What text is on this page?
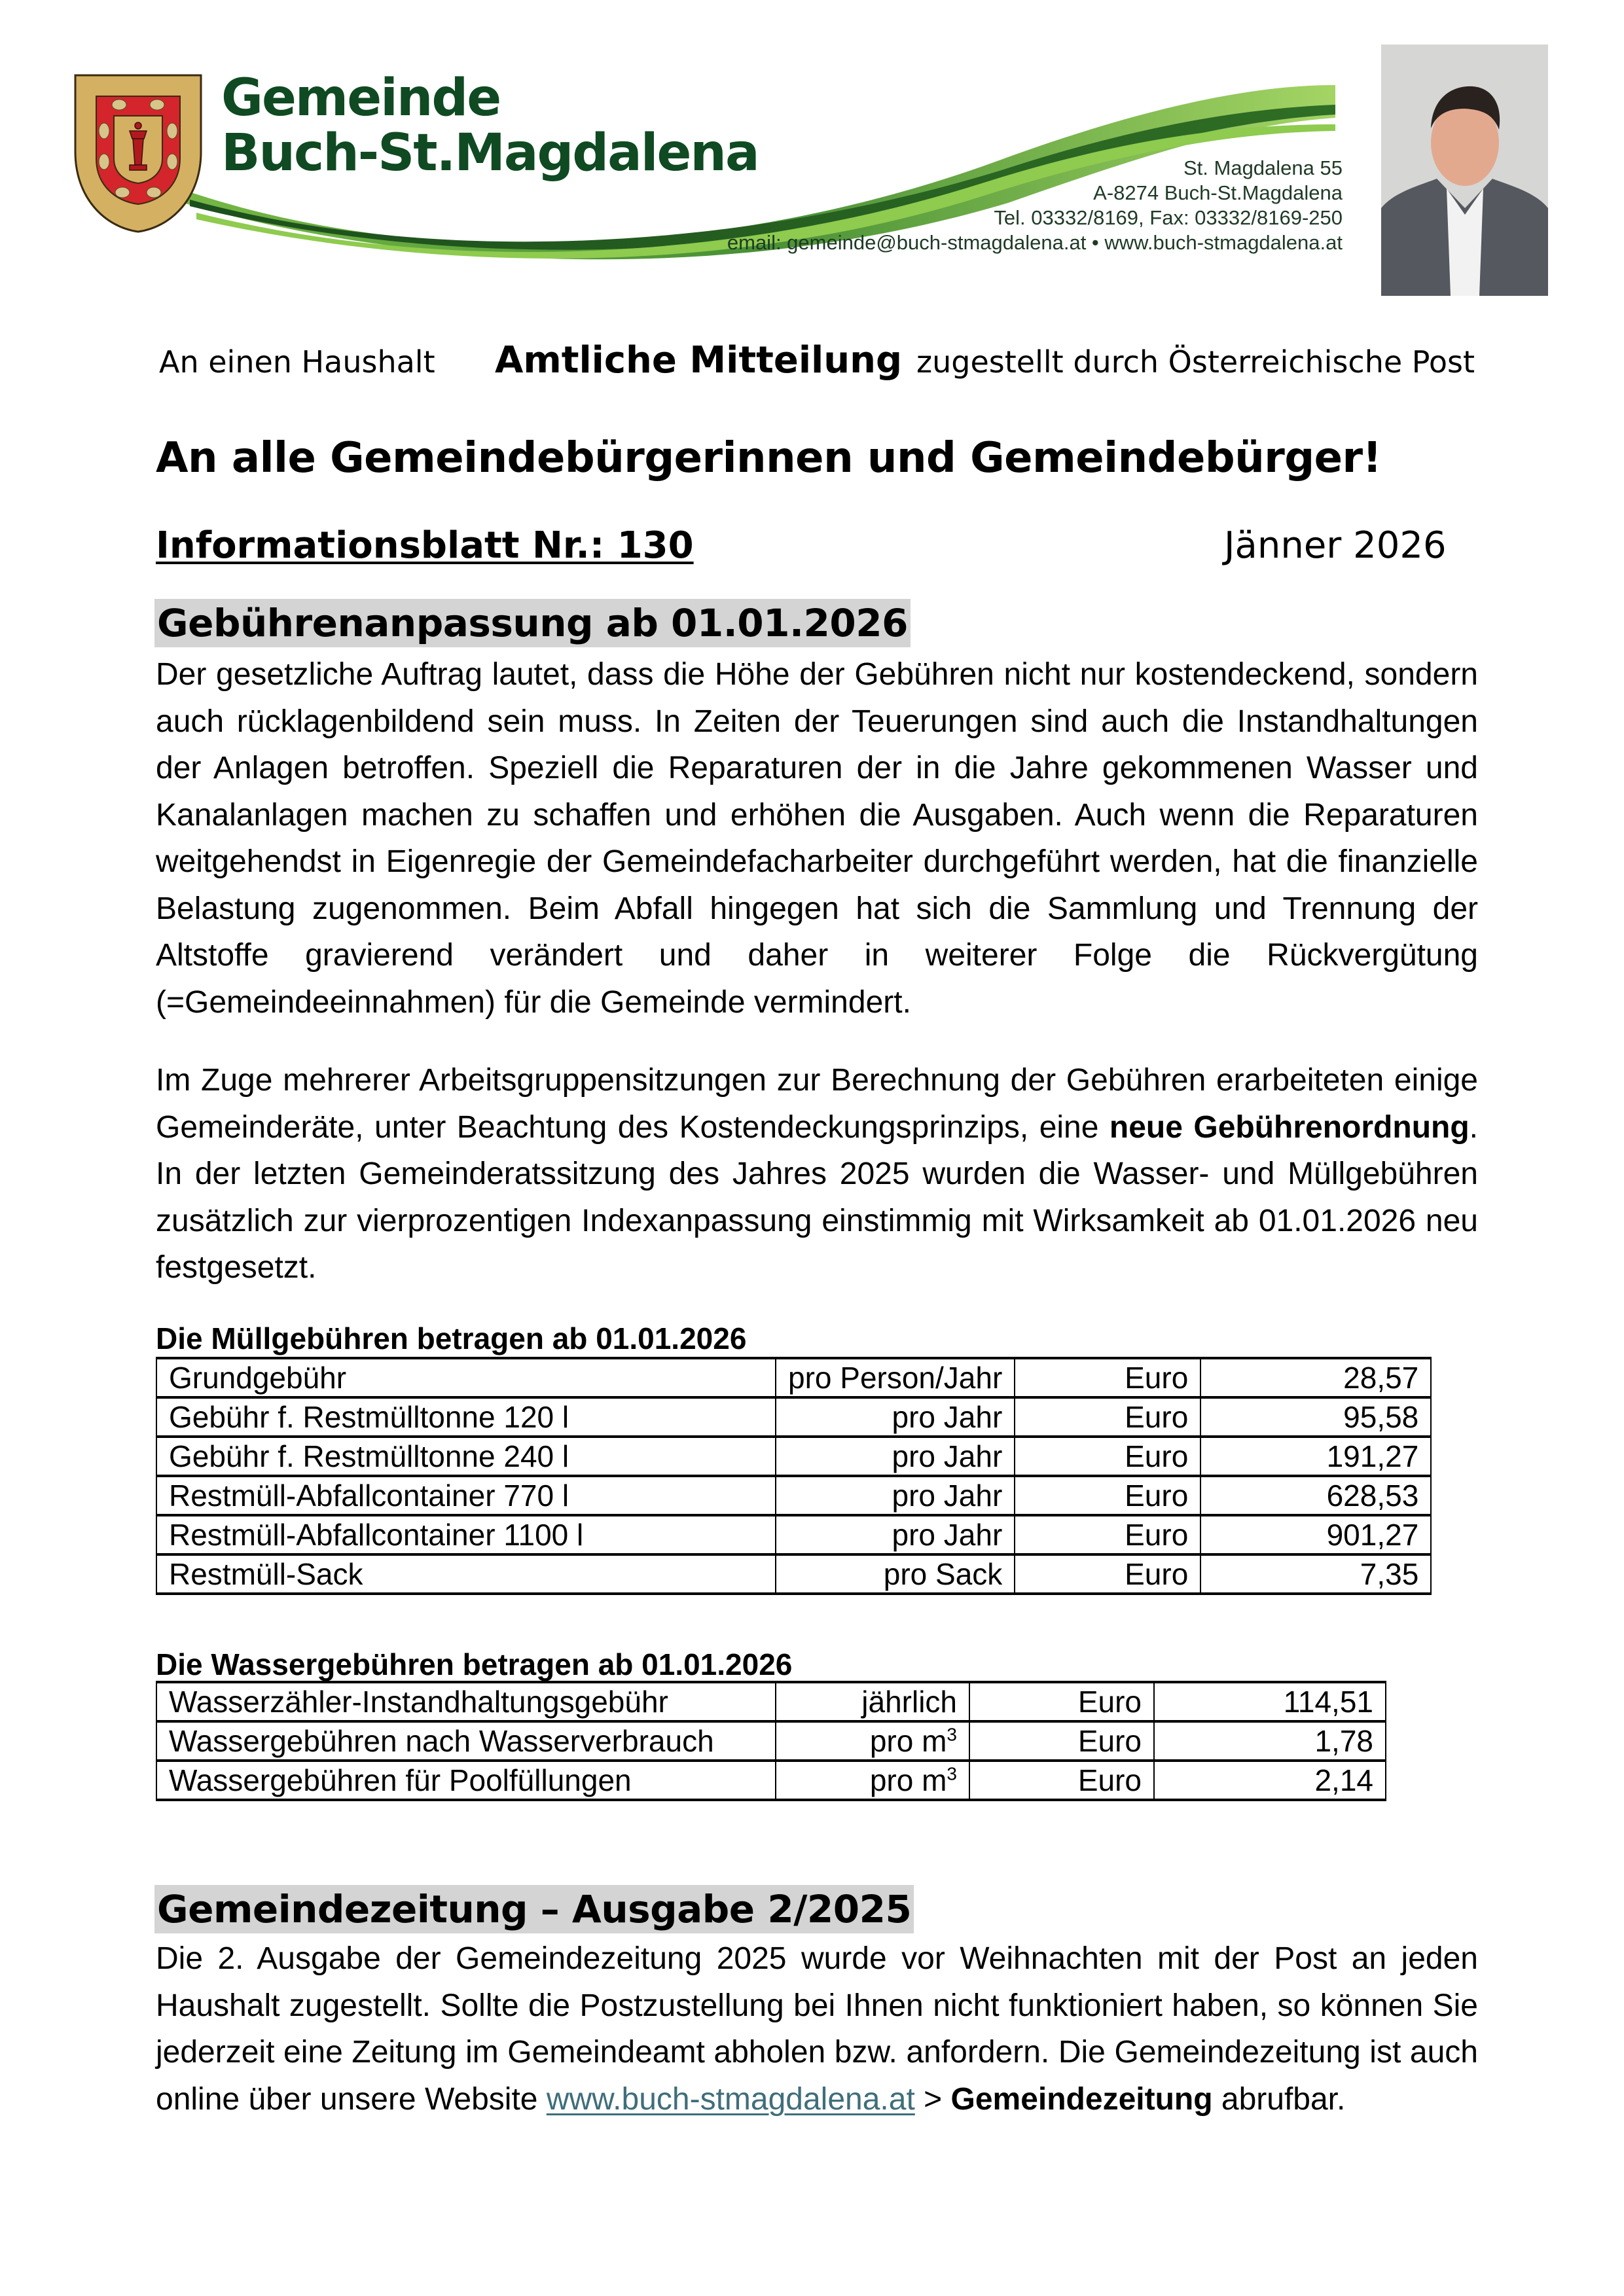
Gemeinde
Buch-St.Magdalena	St. Magdalena 55
A-8274 Buch-St.Magdalena
Tel. 03332/8169, Fax: 03332/8169-250
email: gemeinde@buch-stmagdalena.at • www.buch-stmagdalena.at
An einen Haushalt Amtliche Mitteilung zugestellt durch Österreichische Post
An alle Gemeindebürgerinnen und Gemeindebürger!
Informationsblatt Nr.: 130	Jänner 2026
Gebührenanpassung ab 01.01.2026
Der gesetzliche Auftrag lautet, dass die Höhe der Gebühren nicht nur kostendeckend, sondern auch rücklagenbildend sein muss. In Zeiten der Teuerungen sind auch die Instandhaltungen der Anlagen betroffen. Speziell die Reparaturen der in die Jahre gekommenen Wasser und Kanalanlagen machen zu schaffen und erhöhen die Ausgaben. Auch wenn die Reparaturen weitgehendst in Eigenregie der Gemeindefacharbeiter durchgeführt werden, hat die finanzielle Belastung zugenommen. Beim Abfall hingegen hat sich die Sammlung und Trennung der Altstoffe gravierend verändert und daher in weiterer Folge die Rückvergütung (=Gemeindeeinnahmen) für die Gemeinde vermindert.
Im Zuge mehrerer Arbeitsgruppensitzungen zur Berechnung der Gebühren erarbeiteten einige Gemeinderäte, unter Beachtung des Kostendeckungsprinzips, eine neue Gebührenordnung. In der letzten Gemeinderatssitzung des Jahres 2025 wurden die Wasser- und Müllgebühren zusätzlich zur vierprozentigen Indexanpassung einstimmig mit Wirksamkeit ab 01.01.2026 neu festgesetzt.
Die Müllgebühren betragen ab 01.01.2026
Grundgebühr	pro Person/Jahr	Euro	28,57
Gebühr f. Restmülltonne 120 l	pro Jahr	Euro	95,58
Gebühr f. Restmülltonne 240 l	pro Jahr	Euro	191,27
Restmüll-Abfallcontainer 770 l	pro Jahr	Euro	628,53
Restmüll-Abfallcontainer 1100 l	pro Jahr	Euro	901,27
Restmüll-Sack	pro Sack	Euro	7,35
Die Wassergebühren betragen ab 01.01.2026
Wasserzähler-Instandhaltungsgebühr	jährlich	Euro	114,51
Wassergebühren nach Wasserverbrauch	pro $m^3$	Euro	1,78
Wassergebühren für Poolfüllungen	pro $m^3$	Euro	2,14
Gemeindezeitung – Ausgabe 2/2025
Die 2. Ausgabe der Gemeindezeitung 2025 wurde vor Weihnachten mit der Post an jeden Haushalt zugestellt. Sollte die Postzustellung bei Ihnen nicht funktioniert haben, so können Sie jederzeit eine Zeitung im Gemeindeamt abholen bzw. anfordern. Die Gemeindezeitung ist auch online über unsere Website www.buch-stmagdalena.at > Gemeindezeitung abrufbar.
